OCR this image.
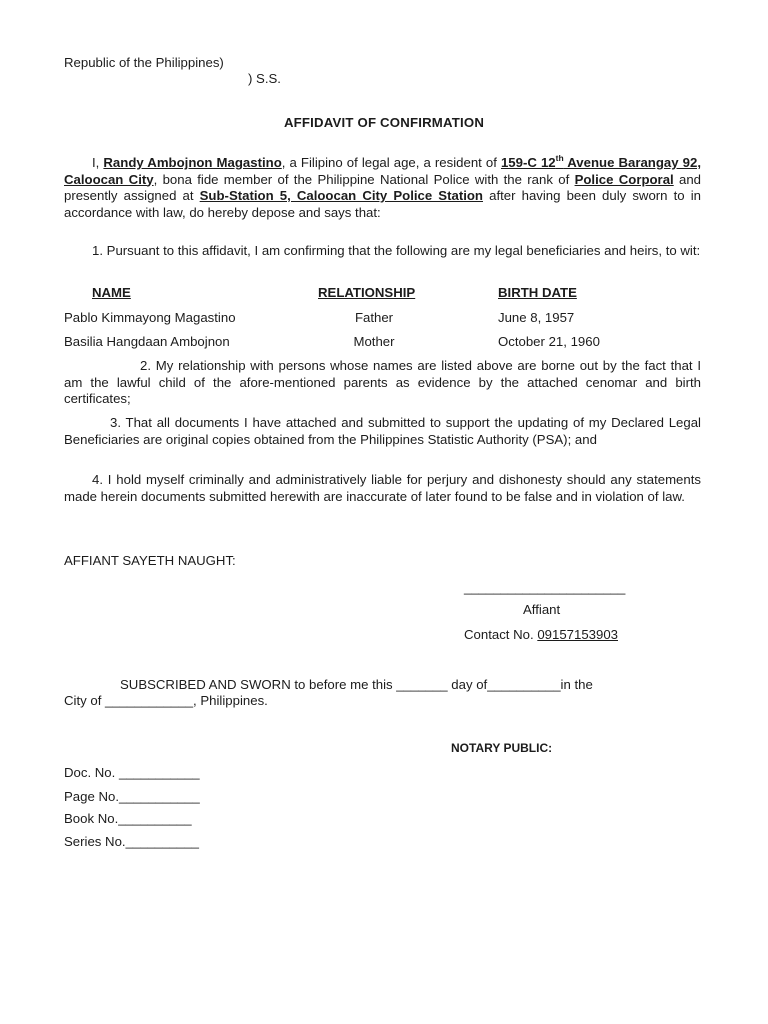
Republic of the Philippines)
) S.S.
AFFIDAVIT OF CONFIRMATION
I, Randy Ambojnon Magastino, a Filipino of legal age, a resident of 159-C 12th Avenue Barangay 92, Caloocan City, bona fide member of the Philippine National Police with the rank of Police Corporal and presently assigned at Sub-Station 5, Caloocan City Police Station after having been duly sworn to in accordance with law, do hereby depose and says that:
1. Pursuant to this affidavit, I am confirming that the following are my legal beneficiaries and heirs, to wit:
NAME	RELATIONSHIP	BIRTH DATE
Pablo Kimmayong Magastino	Father	June 8, 1957
Basilia Hangdaan Ambojnon	Mother	October 21, 1960
2. My relationship with persons whose names are listed above are borne out by the fact that I am the lawful child of the afore-mentioned parents as evidence by the attached cenomar and birth certificates;
3. That all documents I have attached and submitted to support the updating of my Declared Legal Beneficiaries are original copies obtained from the Philippines Statistic Authority (PSA); and
4. I hold myself criminally and administratively liable for perjury and dishonesty should any statements made herein documents submitted herewith are inaccurate of later found to be false and in violation of law.
AFFIANT SAYETH NAUGHT:
______________________
Affiant
Contact No. 09157153903
SUBSCRIBED AND SWORN to before me this _______ day of__________in the
City of ____________, Philippines.
NOTARY PUBLIC:
Doc. No. ___________
Page No.___________
Book No.__________
Series No.__________
